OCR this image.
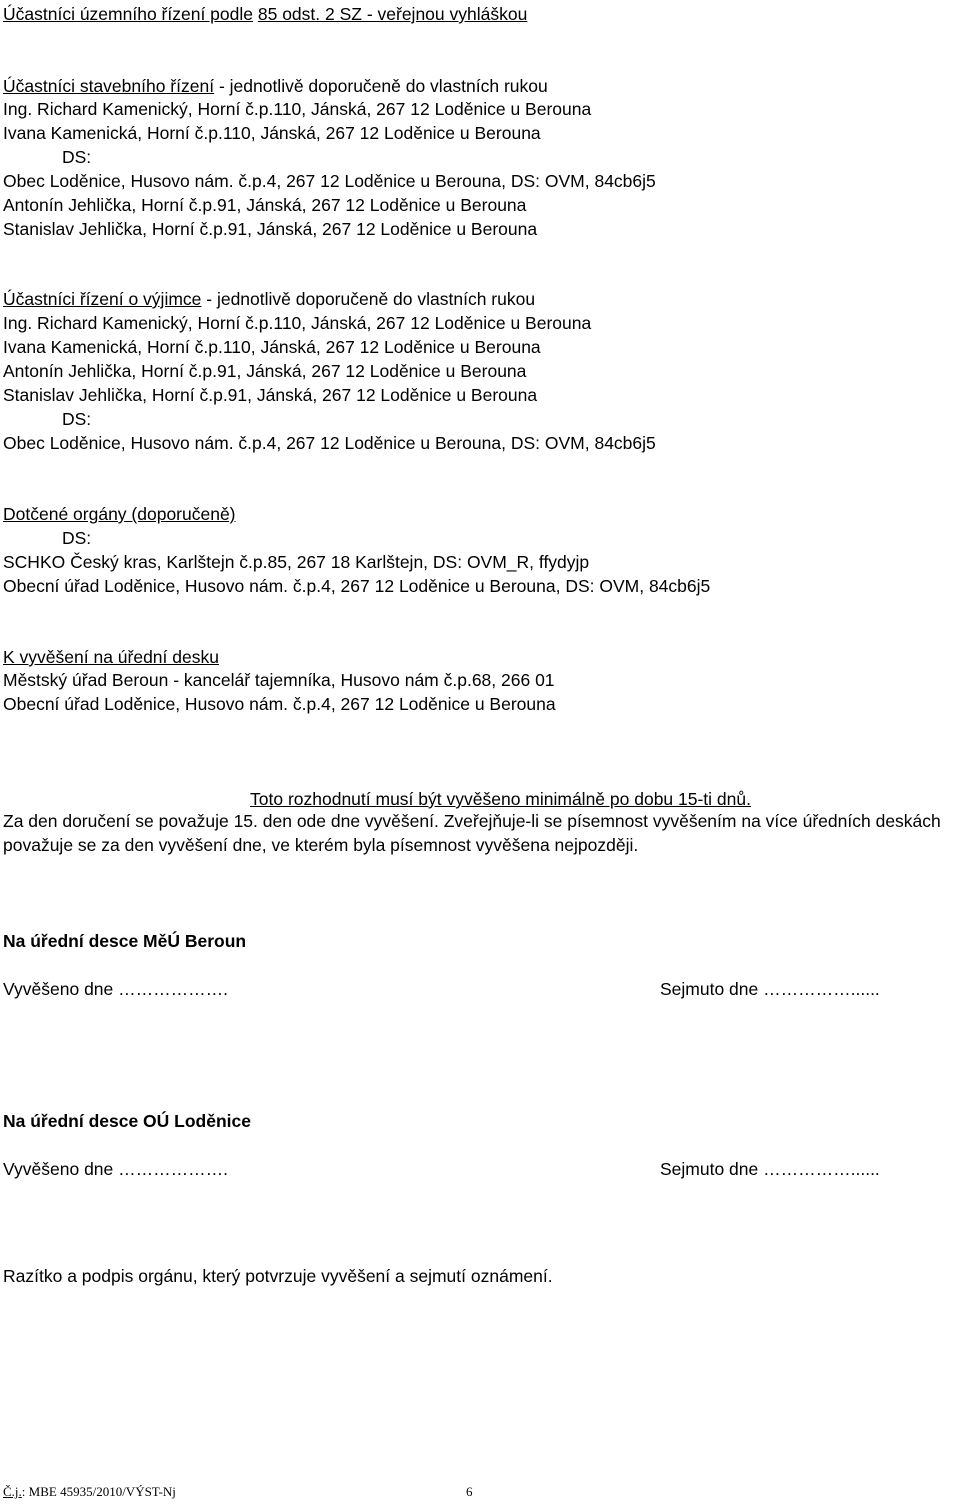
Účastníci územního řízení podle 85 odst. 2 SZ - veřejnou vyhláškou
Účastníci stavebního řízení - jednotlivě doporučeně do vlastních rukou
Ing. Richard Kamenický, Horní č.p.110, Jánská, 267 12 Loděnice u Berouna
Ivana Kamenická, Horní č.p.110, Jánská, 267 12 Loděnice u Berouna
DS:
Obec Loděnice, Husovo nám. č.p.4, 267 12 Loděnice u Berouna, DS: OVM, 84cb6j5
Antonín Jehlička, Horní č.p.91, Jánská, 267 12 Loděnice u Berouna
Stanislav Jehlička, Horní č.p.91, Jánská, 267 12 Loděnice u Berouna
Účastníci řízení o výjimce - jednotlivě doporučeně do vlastních rukou
Ing. Richard Kamenický, Horní č.p.110, Jánská, 267 12 Loděnice u Berouna
Ivana Kamenická, Horní č.p.110, Jánská, 267 12 Loděnice u Berouna
Antonín Jehlička, Horní č.p.91, Jánská, 267 12 Loděnice u Berouna
Stanislav Jehlička, Horní č.p.91, Jánská, 267 12 Loděnice u Berouna
DS:
Obec Loděnice, Husovo nám. č.p.4, 267 12 Loděnice u Berouna, DS: OVM, 84cb6j5
Dotčené orgány (doporučeně)
DS:
SCHKO Český kras, Karlštejn č.p.85, 267 18 Karlštejn, DS: OVM_R, ffydyjp
Obecní úřad Loděnice, Husovo nám. č.p.4, 267 12 Loděnice u Berouna, DS: OVM, 84cb6j5
K vyvěšení na úřední desku
Městský úřad Beroun - kancelář tajemníka, Husovo nám č.p.68, 266 01
Obecní úřad Loděnice, Husovo nám. č.p.4, 267 12 Loděnice u Berouna
Toto rozhodnutí musí být vyvěšeno minimálně po dobu 15-ti dnů.
Za den doručení se považuje 15. den ode dne vyvěšení. Zveřejňuje-li se písemnost vyvěšením na více úředních deskách považuje se za den vyvěšení dne, ve kterém byla písemnost vyvěšena nejpozději.
Na úřední desce MěÚ Beroun
Vyvěšeno dne ……………….	Sejmuto dne ……………......
Na úřední desce OÚ Loděnice
Vyvěšeno dne ……………….	Sejmuto dne ……………......
Razítko a podpis orgánu, který potvrzuje vyvěšení a sejmutí oznámení.
Č.j.: MBE 45935/2010/VÝST-Nj	6
